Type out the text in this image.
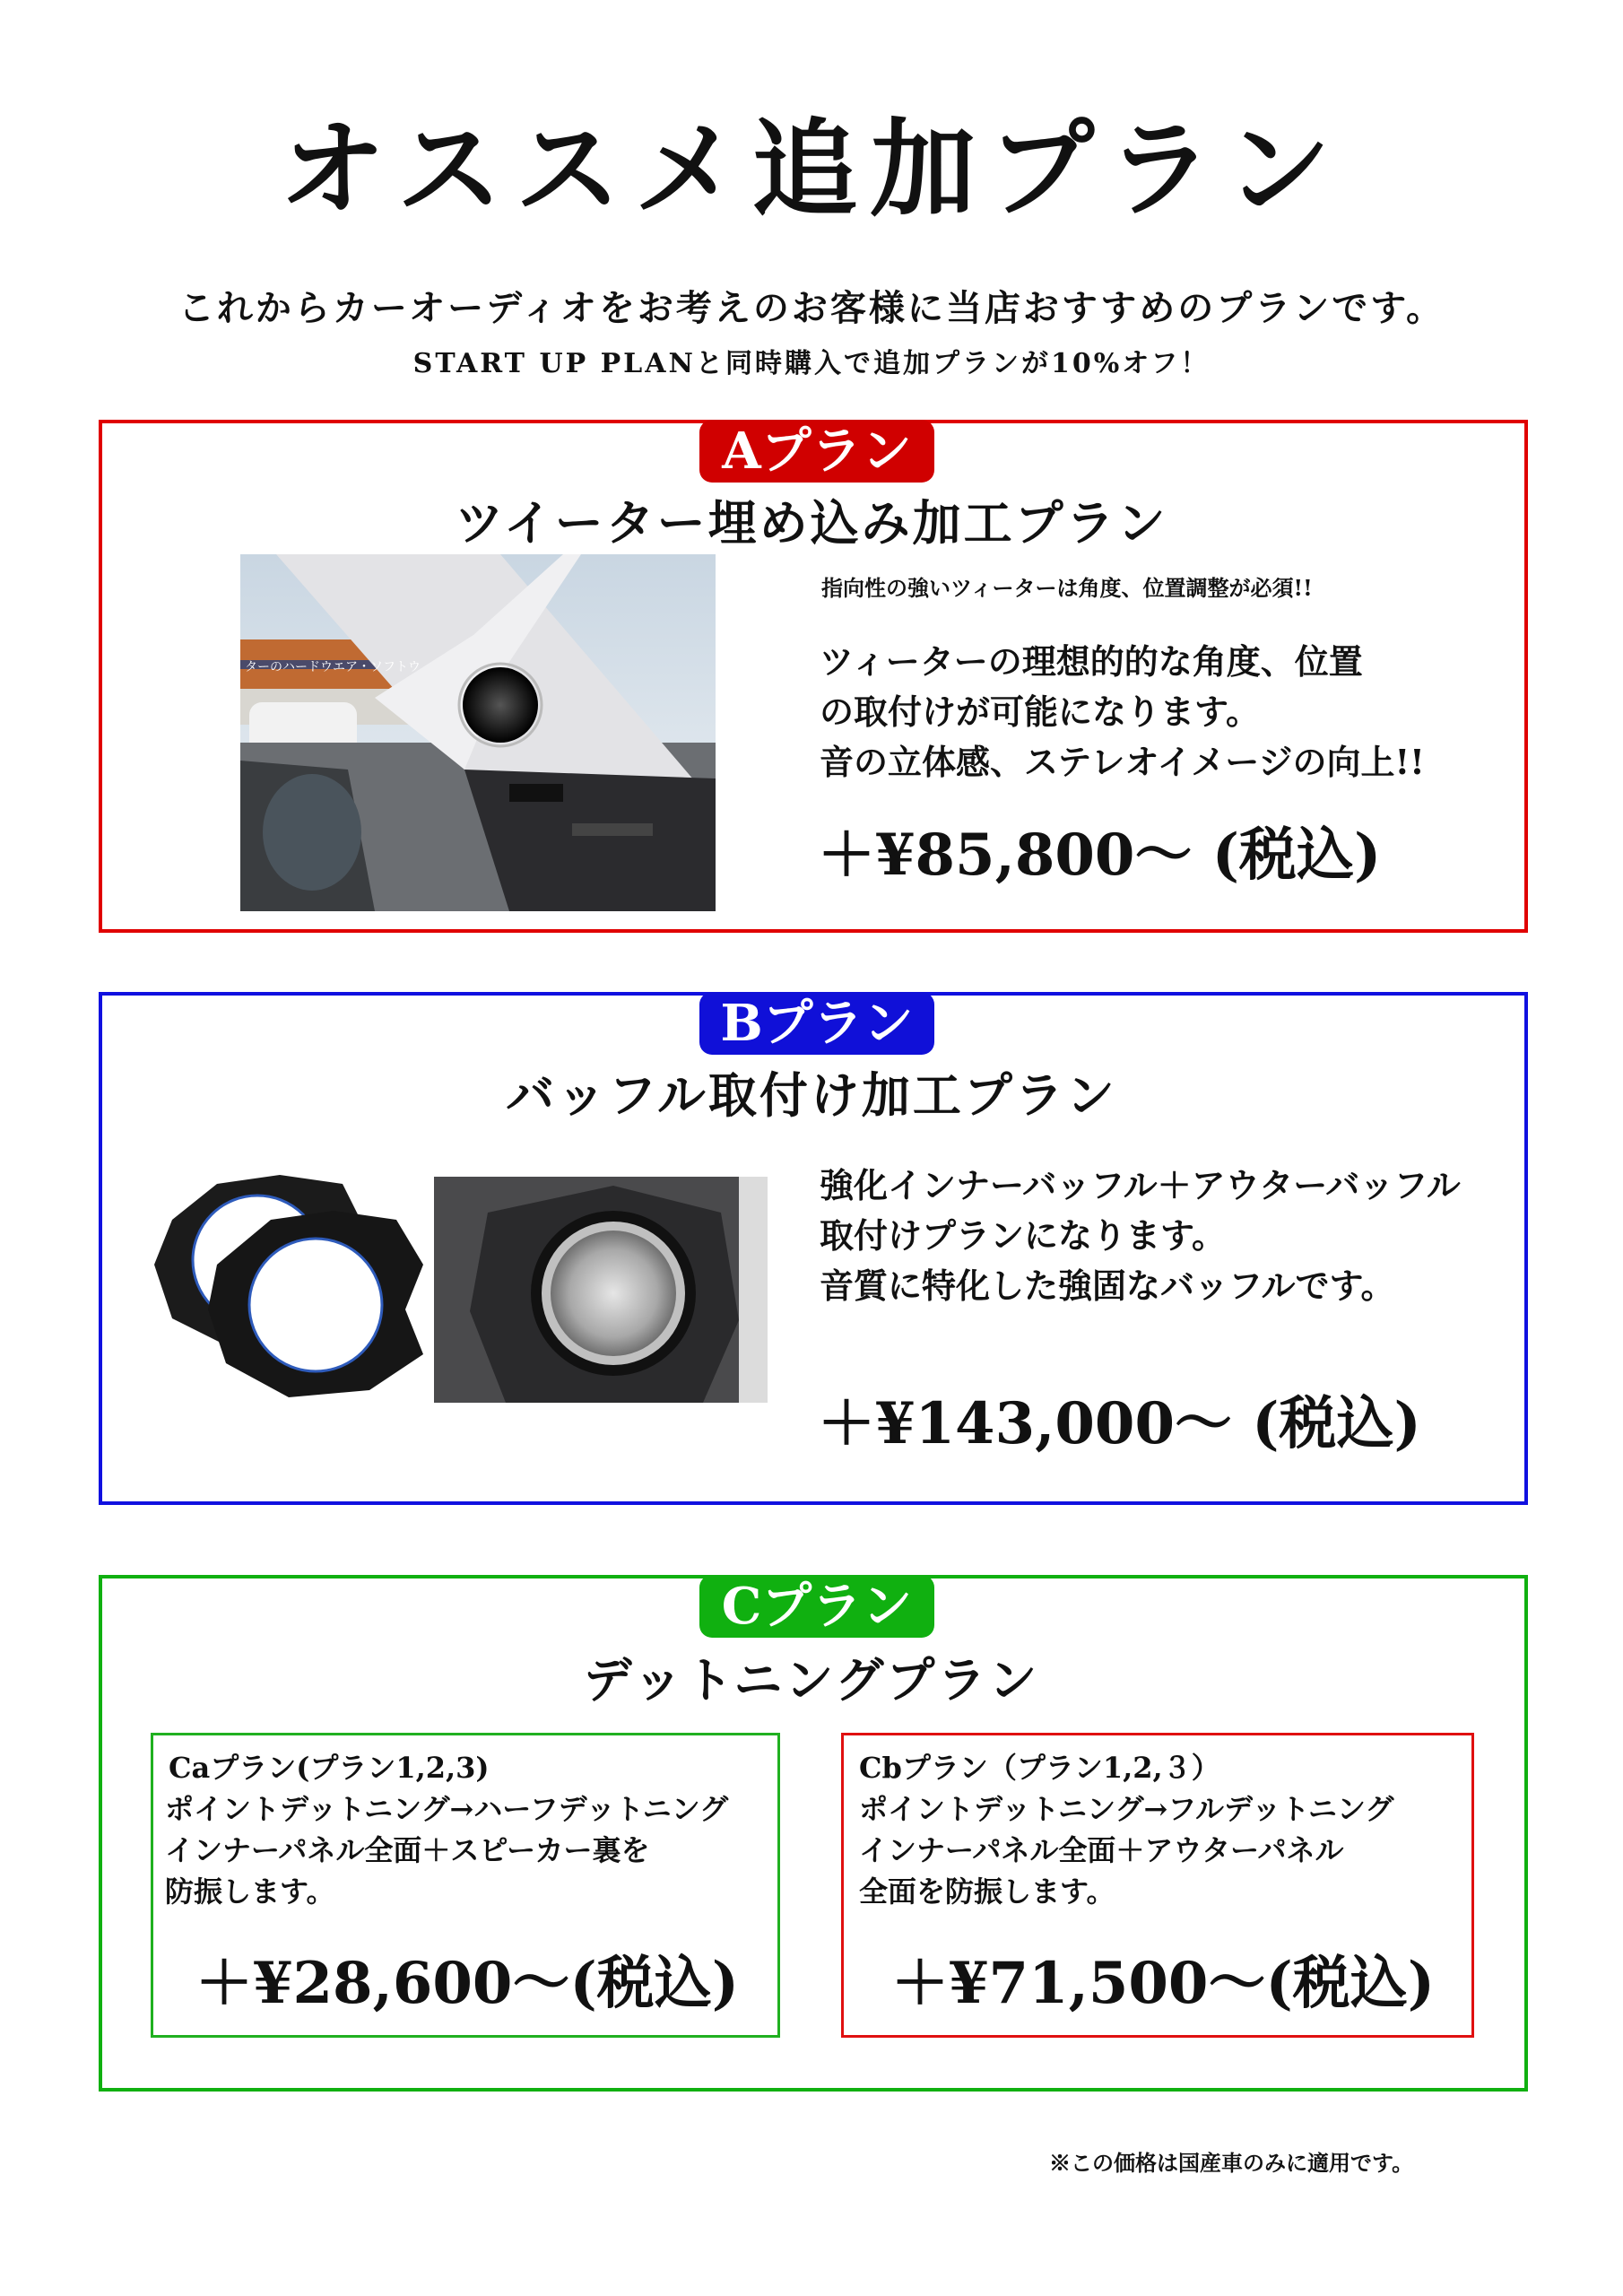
オススメ追加プラン
これからカーオーディオをお考えのお客様に当店おすすめのプランです。
START UP PLANと同時購入で追加プランが10%オフ！
Aプラン
ツイーター埋め込み加工プラン
ターのハードウエア・ソフトウ
指向性の強いツィーターは角度、位置調整が必須!!
ツィーターの理想的的な角度、位置
の取付けが可能になります。
音の立体感、ステレオイメージの向上!!
＋¥85,800～ (税込)
Bプラン
バッフル取付け加工プラン
強化インナーバッフル＋アウターバッフル
取付けプランになります。
音質に特化した強固なバッフルです。
＋¥143,000～ (税込)
Cプラン
デットニングプラン
Caプラン(プラン1,2,3)
ポイントデットニング→ハーフデットニング
インナーパネル全面＋スピーカー裏を
防振します。
＋¥28,600～(税込)
Cbプラン（プラン1,2,３）
ポイントデットニング→フルデットニング
インナーパネル全面＋アウターパネル
全面を防振します。
＋¥71,500～(税込)
※この価格は国産車のみに適用です。
